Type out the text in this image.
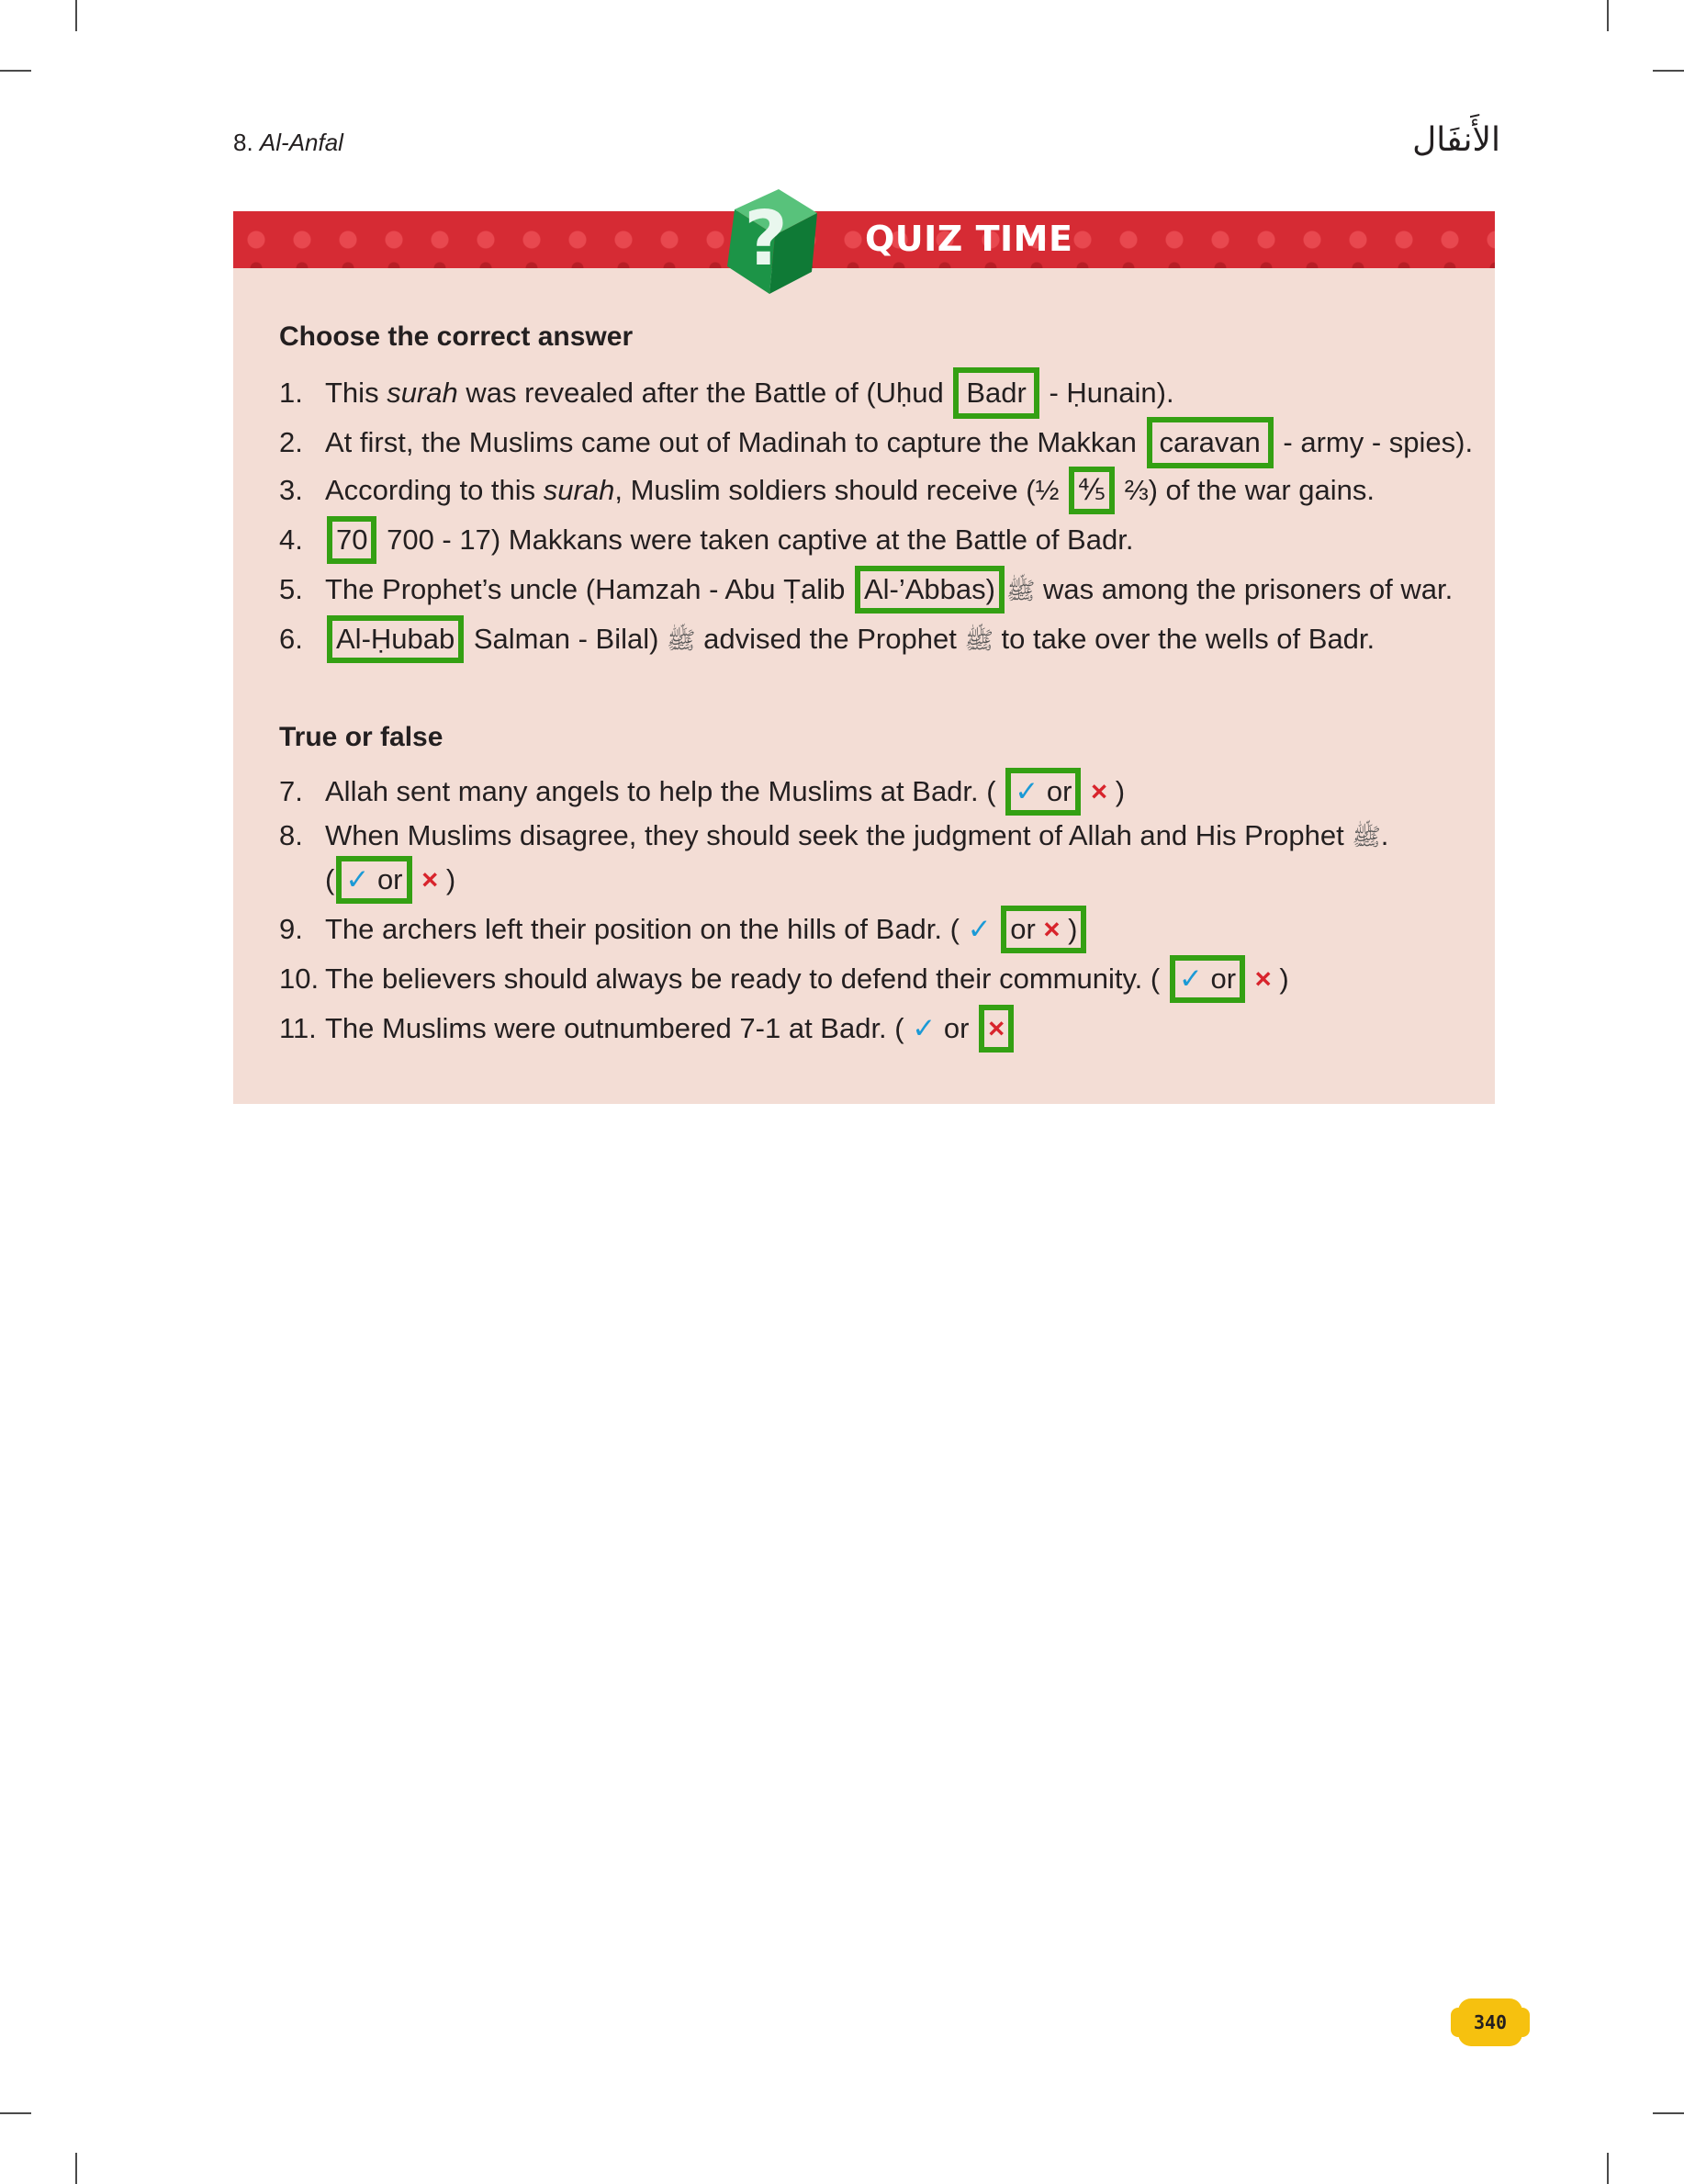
8. Al-Anfal	الأَنفَال
? QUIZ TIME
Choose the correct answer
1. This surah was revealed after the Battle of (Uḥud Badr - Ḥunain).
2. At first, the Muslims came out of Madinah to capture the Makkan caravan - army - spies).
3. According to this surah, Muslim soldiers should receive (½ ⅘ ⅔) of the war gains.
4. 70 700 - 17) Makkans were taken captive at the Battle of Badr.
5. The Prophet’s uncle (Hamzah - Abu Ṭalib Al-’Abbas) ﷺ was among the prisoners of war.
6. Al-Ḥubab Salman - Bilal) ﷺ advised the Prophet ﷺ to take over the wells of Badr.
True or false
7. Allah sent many angels to help the Muslims at Badr. ( ✓ or × )
8. When Muslims disagree, they should seek the judgment of Allah and His Prophet ﷺ.
( ✓ or × )
9. The archers left their position on the hills of Badr. ( ✓ or × )
10. The believers should always be ready to defend their community. ( ✓ or × )
11. The Muslims were outnumbered 7-1 at Badr. ( ✓ or ×
340
